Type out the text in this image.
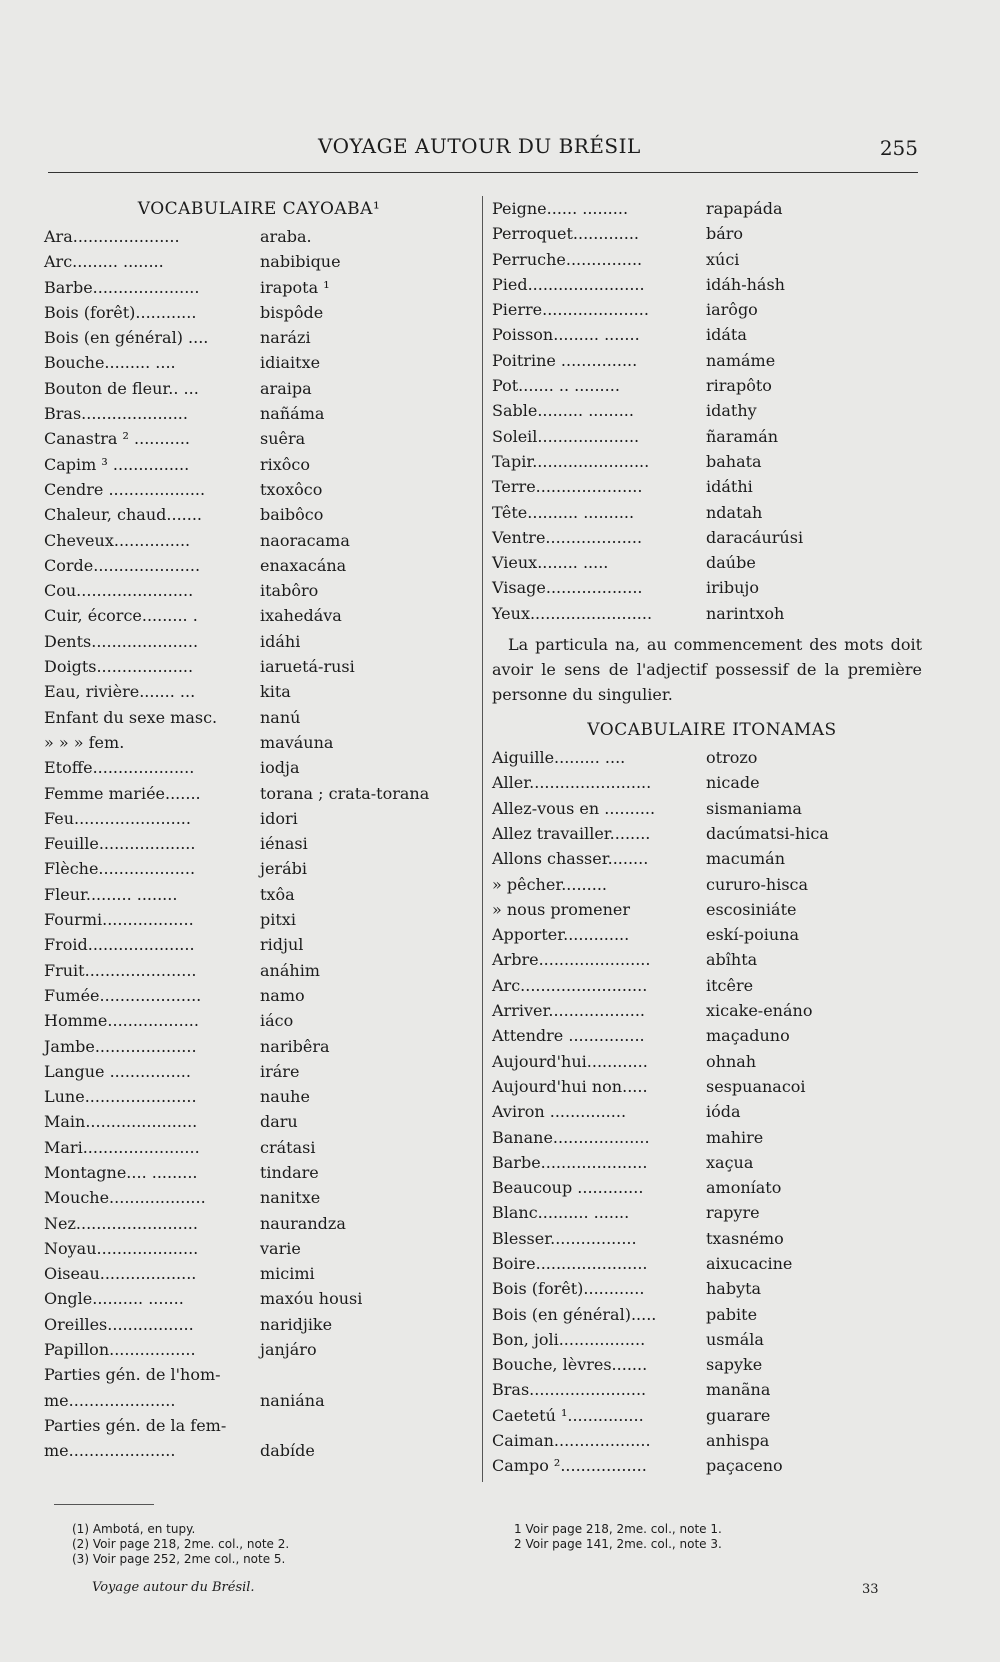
VOYAGE AUTOUR DU BRÉSIL	255
VOCABULAIRE CAYOABA¹
Ara.....................	araba.
Arc......... ........	nabibique
Barbe.....................	irapota ¹
Bois (forêt)............	bispôde
Bois (en général) ....	narázi
Bouche......... ....	idiaitxe
Bouton de fleur.. ...	araipa
Bras.....................	nañáma
Canastra ² ...........	suêra
Capim ³ ...............	rixôco
Cendre ...................	txoxôco
Chaleur, chaud.......	baibôco
Cheveux...............	naoracama
Corde.....................	enaxacána
Cou.......................	itabôro
Cuir, écorce......... .	ixahedáva
Dents.....................	idáhi
Doigts...................	iaruetá-rusi
Eau, rivière....... ...	kita
Enfant du sexe masc.	nanú
» » » fem.	maváuna
Etoffe....................	iodja
Femme mariée.......	torana ; crata-torana
Feu.......................	idori
Feuille...................	iénasi
Flèche...................	jerábi
Fleur......... ........	txôa
Fourmi..................	pitxi
Froid.....................	ridjul
Fruit......................	anáhim
Fumée....................	namo
Homme..................	iáco
Jambe....................	naribêra
Langue ................	iráre
Lune......................	nauhe
Main......................	daru
Mari.......................	crátasi
Montagne.... .........	tindare
Mouche...................	nanitxe
Nez........................	naurandza
Noyau....................	varie
Oiseau...................	micimi
Ongle.......... .......	maxóu housi
Oreilles.................	naridjike
Papillon.................	janjáro
Parties gén. de l'hom-
me.....................	naniána
Parties gén. de la fem-
me.....................	dabíde
Peigne...... .........	rapapáda
Perroquet.............	báro
Perruche...............	xúci
Pied.......................	idáh-hásh
Pierre.....................	iarôgo
Poisson......... .......	idáta
Poitrine ...............	namáme
Pot....... .. .........	rirapôto
Sable......... .........	idathy
Soleil....................	ñaramán
Tapir.......................	bahata
Terre.....................	idáthi
Tête.......... ..........	ndatah
Ventre...................	daracáurúsi
Vieux........ .....	daúbe
Visage...................	iribujo
Yeux........................	narintxoh

La particula na, au commencement des mots doit avoir le sens de l'adjectif possessif de la première personne du singulier.

VOCABULAIRE ITONAMAS
Aiguille......... ....	otrozo
Aller........................	nicade
Allez-vous en ..........	sismaniama
Allez travailler........	dacúmatsi-hica
Allons chasser........	macumán
» pêcher.........	cururo-hisca
» nous promener	escosiniáte
Apporter.............	eskí-poiuna
Arbre......................	abîhta
Arc.........................	itcêre
Arriver...................	xicake-enáno
Attendre ...............	maçaduno
Aujourd'hui............	ohnah
Aujourd'hui non.....	sespuanacoi
Aviron ...............	ióda
Banane...................	mahire
Barbe.....................	xaçua
Beaucoup .............	amoníato
Blanc.......... .......	rapyre
Blesser.................	txasnémo
Boire......................	aixucacine
Bois (forêt)............	habyta
Bois (en général).....	pabite
Bon, joli.................	usmála
Bouche, lèvres.......	sapyke
Bras.......................	manãna
Caetetú ¹...............	guarare
Caiman...................	anhispa
Campo ².................	paçaceno
(1) Ambotá, en tupy.
(2) Voir page 218, 2me. col., note 2.
(3) Voir page 252, 2me col., note 5.
1 Voir page 218, 2me. col., note 1.
2 Voir page 141, 2me. col., note 3.
Voyage autour du Brésil.	33
